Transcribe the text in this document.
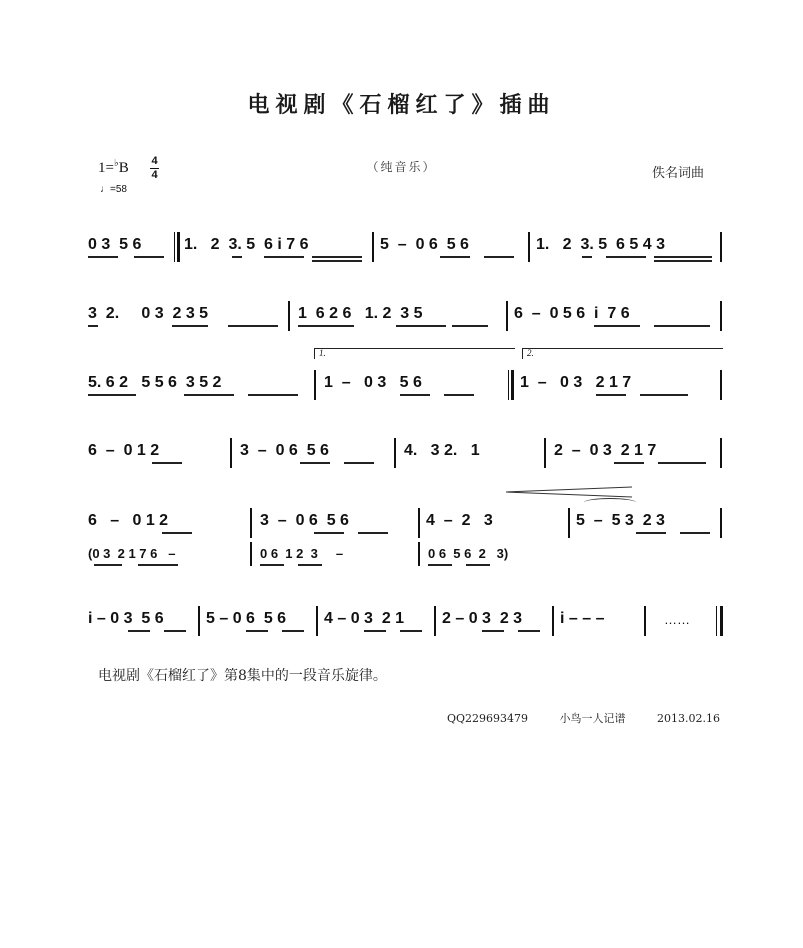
电视剧《石榴红了》插曲
1=♭B 4
4
♩=58
（纯音乐）	佚名词曲
0 3  5 6	1.   2  3. 5  6 i 7 6	5  –  0 6  5 6	1.   2  3. 5  6 5 4 3
3  2.     0 3  2 3 5	1  6 2 6   1. 2  3 5	6  –  0 5 6  i  7 6
1.	2.
5. 6 2   5 5 6  3 5 2	1  –   0 3   5 6	1  –   0 3   2 1 7
6  –  0 1 2	3  –  0 6  5 6	4.   3 2.   1	2  –  0 3  2 1 7
6   –   0 1 2	3  –  0 6  5 6	4  –  2   3	5  –  5 3  2 3
(0 3  2 1 7 6   –	0 6  1 2  3     –	0 6  5 6  2   3)
i – 0 3  5 6	5 – 0 6  5 6 4 – 0 3  2 1 2 – 0 3  2 3 i – – –	……
电视剧《石榴红了》第8集中的一段音乐旋律。
QQ229693479	小鸟一人记谱	2013.02.16
